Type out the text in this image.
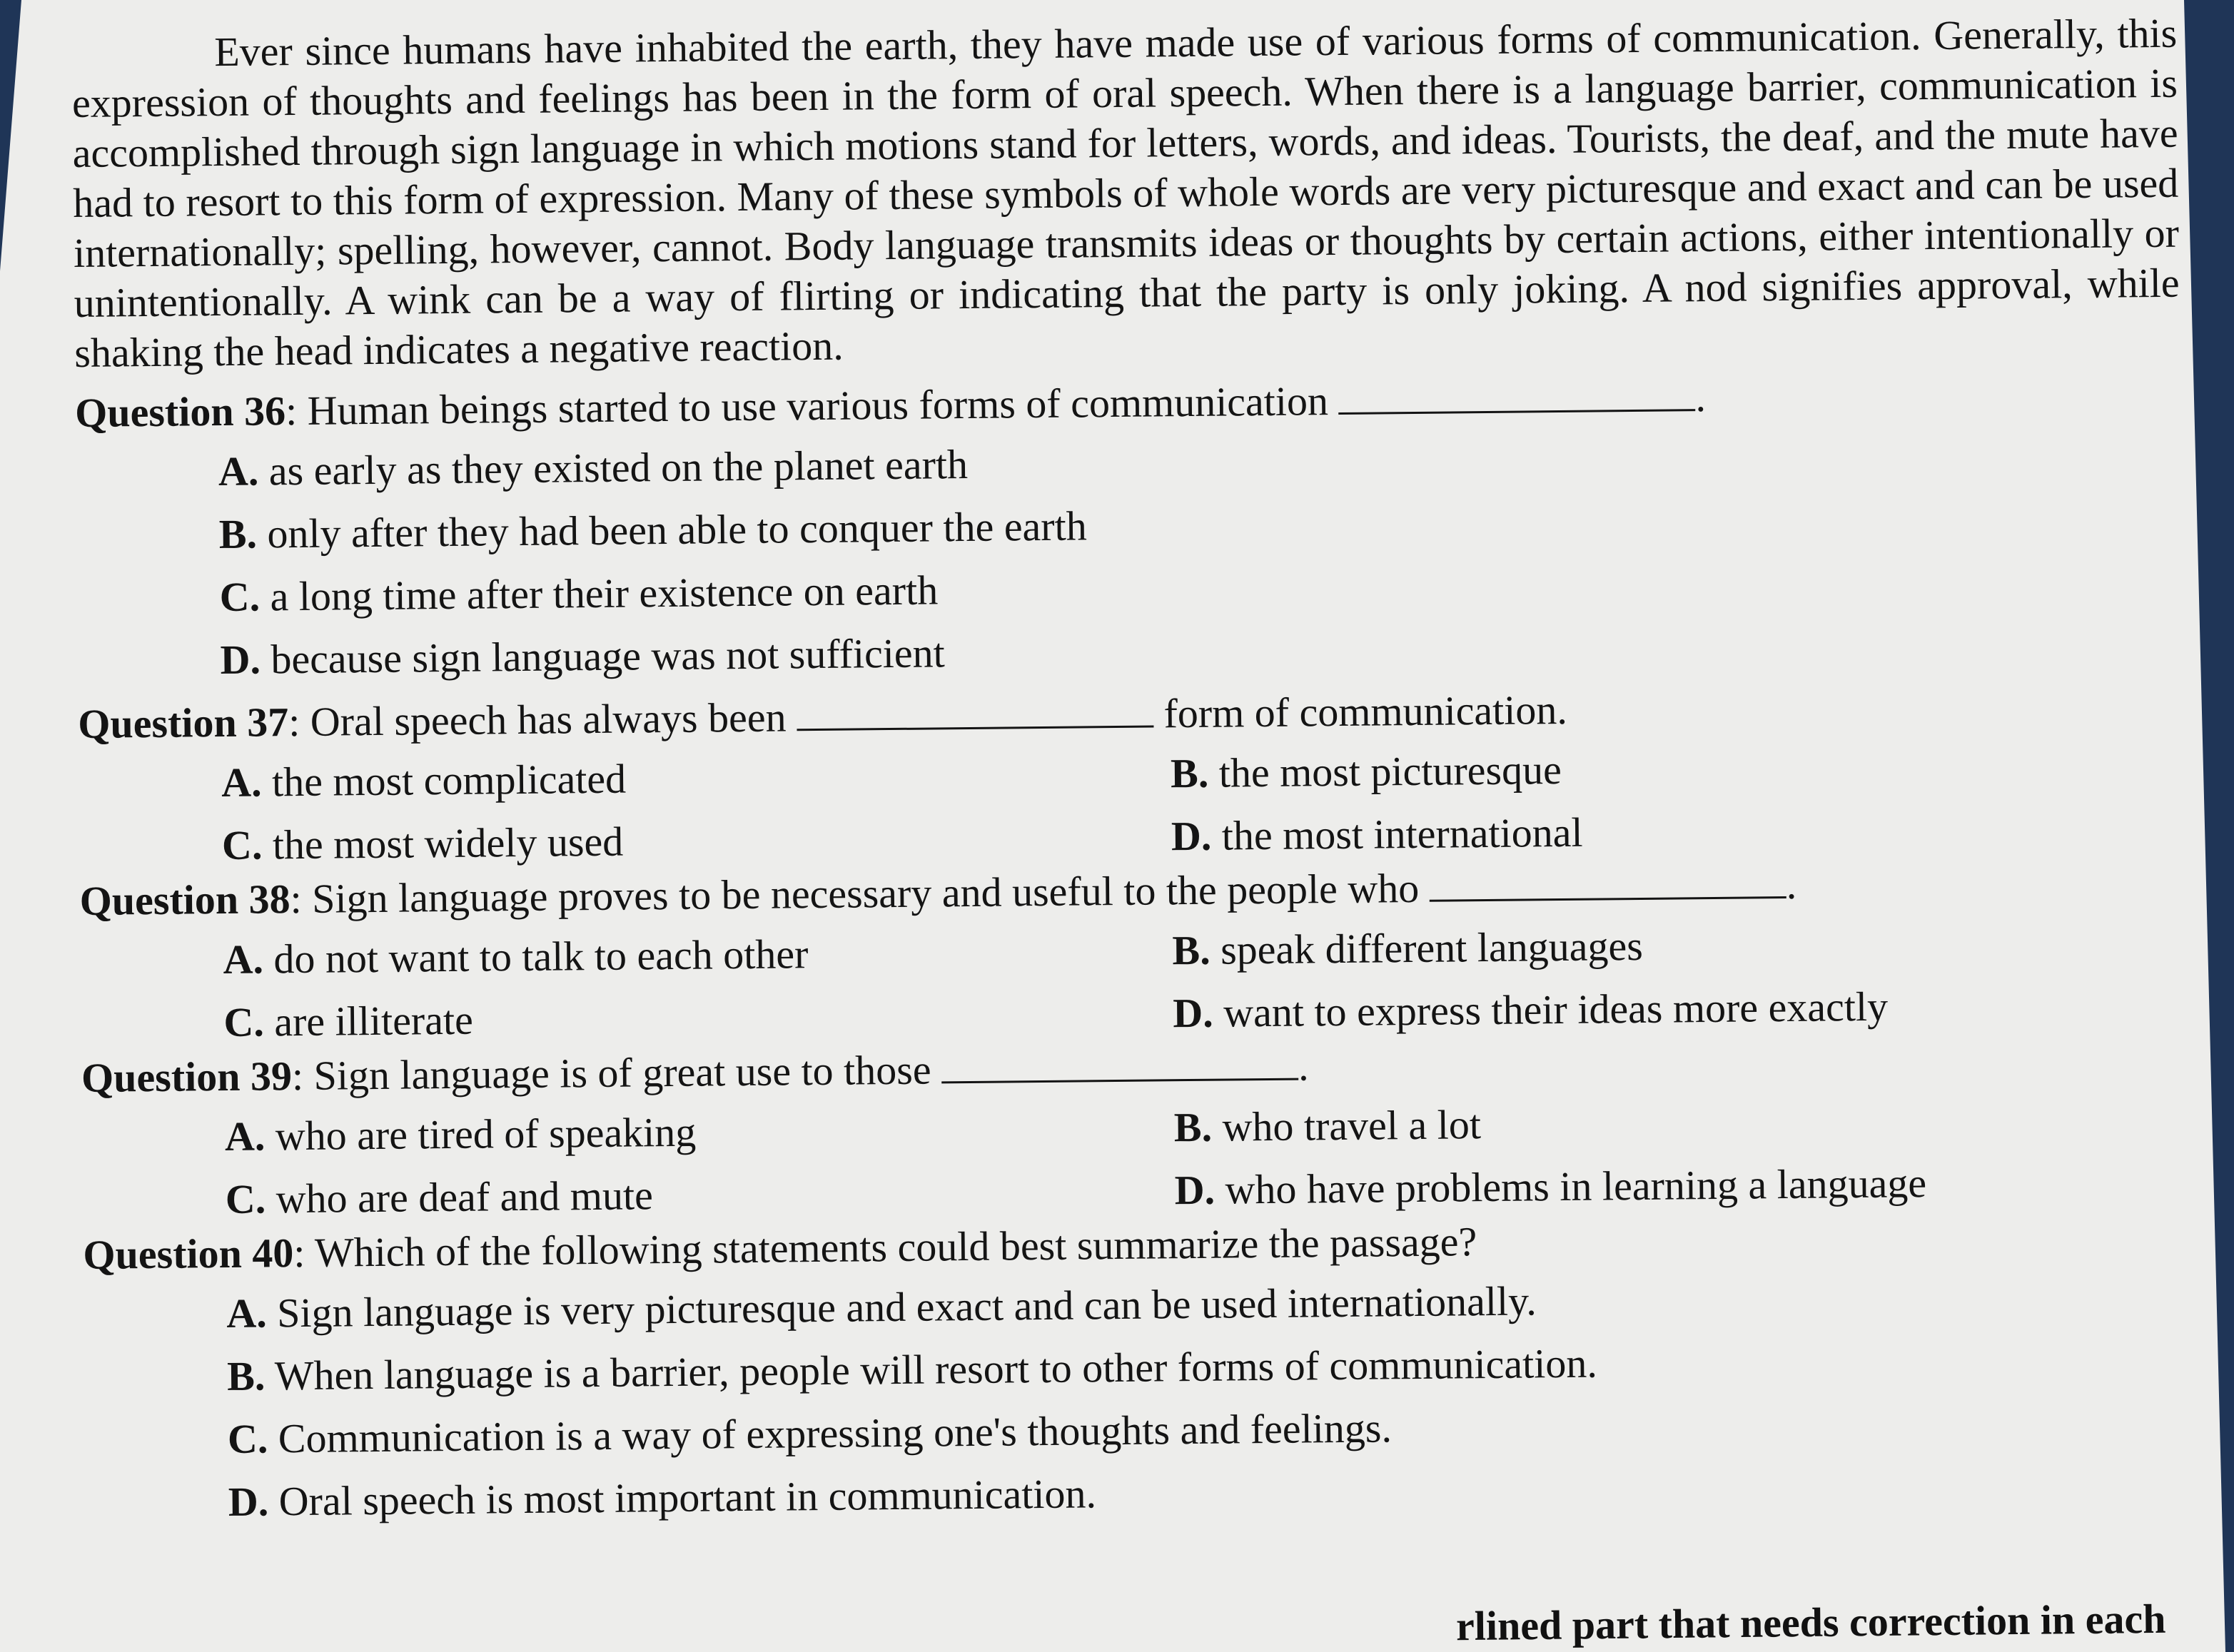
Ever since humans have inhabited the earth, they have made use of various forms of communication. Generally, this expression of thoughts and feelings has been in the form of oral speech. When there is a language barrier, communication is accomplished through sign language in which motions stand for letters, words, and ideas. Tourists, the deaf, and the mute have had to resort to this form of expression. Many of these symbols of whole words are very picturesque and exact and can be used internationally; spelling, however, cannot. Body language transmits ideas or thoughts by certain actions, either intentionally or unintentionally. A wink can be a way of flirting or indicating that the party is only joking. A nod signifies approval, while shaking the head indicates a negative reaction.

Question 36: Human beings started to use various forms of communication	.
A. as early as they existed on the planet earth
B. only after they had been able to conquer the earth
C. a long time after their existence on earth
D. because sign language was not sufficient
Question 37: Oral speech has always been	form of communication.
A. the most complicated	B. the most picturesque
C. the most widely used	D. the most international
Question 38: Sign language proves to be necessary and useful to the people who	.
A. do not want to talk to each other	B. speak different languages
C. are illiterate	D. want to express their ideas more exactly
Question 39: Sign language is of great use to those	.
A. who are tired of speaking	B. who travel a lot
C. who are deaf and mute	D. who have problems in learning a language
Question 40: Which of the following statements could best summarize the passage?
A. Sign language is very picturesque and exact and can be used internationally.
B. When language is a barrier, people will resort to other forms of communication.
C. Communication is a way of expressing one's thoughts and feelings.
D. Oral speech is most important in communication.
rlined part that needs correction in each
